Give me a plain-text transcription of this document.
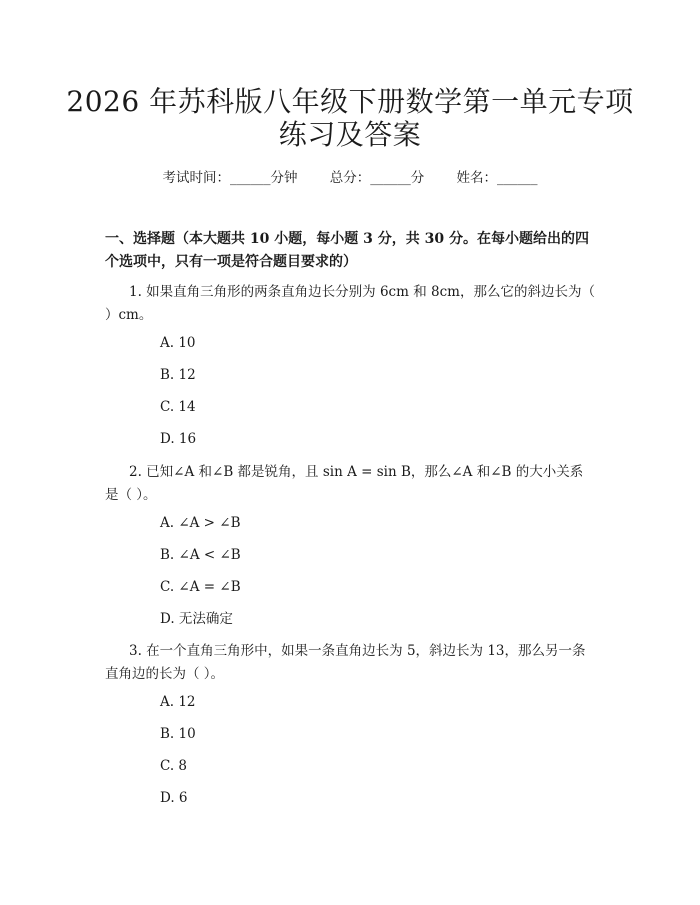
2026 年苏科版八年级下册数学第一单元专项
练习及答案
考试时间：______分钟 总分：______分 姓名：______
一、选择题（本大题共 10 小题，每小题 3 分，共 30 分。在每小题给出的四个选项中，只有一项是符合题目要求的）
1. 如果直角三角形的两条直角边长分别为 6cm 和 8cm，那么它的斜边长为（ ）cm。
A. 10
B. 12
C. 14
D. 16
2. 已知∠A 和∠B 都是锐角，且 sin A = sin B，那么∠A 和∠B 的大小关系是（ ）。
A. ∠A > ∠B
B. ∠A < ∠B
C. ∠A = ∠B
D. 无法确定
3. 在一个直角三角形中，如果一条直角边长为 5，斜边长为 13，那么另一条直角边的长为（ ）。
A. 12
B. 10
C. 8
D. 6
